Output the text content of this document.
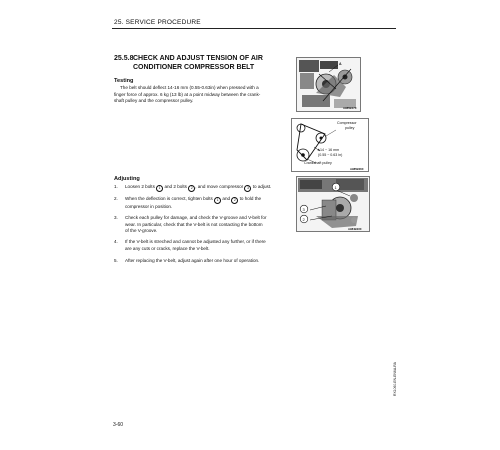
25. SERVICE PROCEDURE
25.5.8 CHECK AND ADJUST TENSION OF AIR
CONDITIONER COMPRESSOR BELT
Testing
The belt should deflect 14-16 mm (0.55-0.63in) when pressed with a
finger force of approx. 6 kg (13 lb) at a point midway between the crank-
shaft pulley and the compressor pulley.
Adjusting
1. Loosen 2 bolts 1 and 2 bolts 2 , and move compressor 3 to adjust.
2. When the deflection is correct, tighten bolts 1 and 2 to hold the
compressor in position.
3. Check each pulley for damage, and check the V-groove and V-belt for
wear. In particular, check that the V-belt is not contacting the bottom
of the V-groove.
4. If the V-belt is streched and cannot be adjusted any further, or if there
are any cuts or cracks, replace the V-belt.
5. After replacing the V-belt, adjust again after one hour of operation.
A
A985B170
Compressor
pulley
14 ~ 16 mm
(0.55 ~ 0.63 in)
Crankshaft pulley
A985B060
3
2
1
A984B230
3-60
RX1060-EN-EN6A-RA
